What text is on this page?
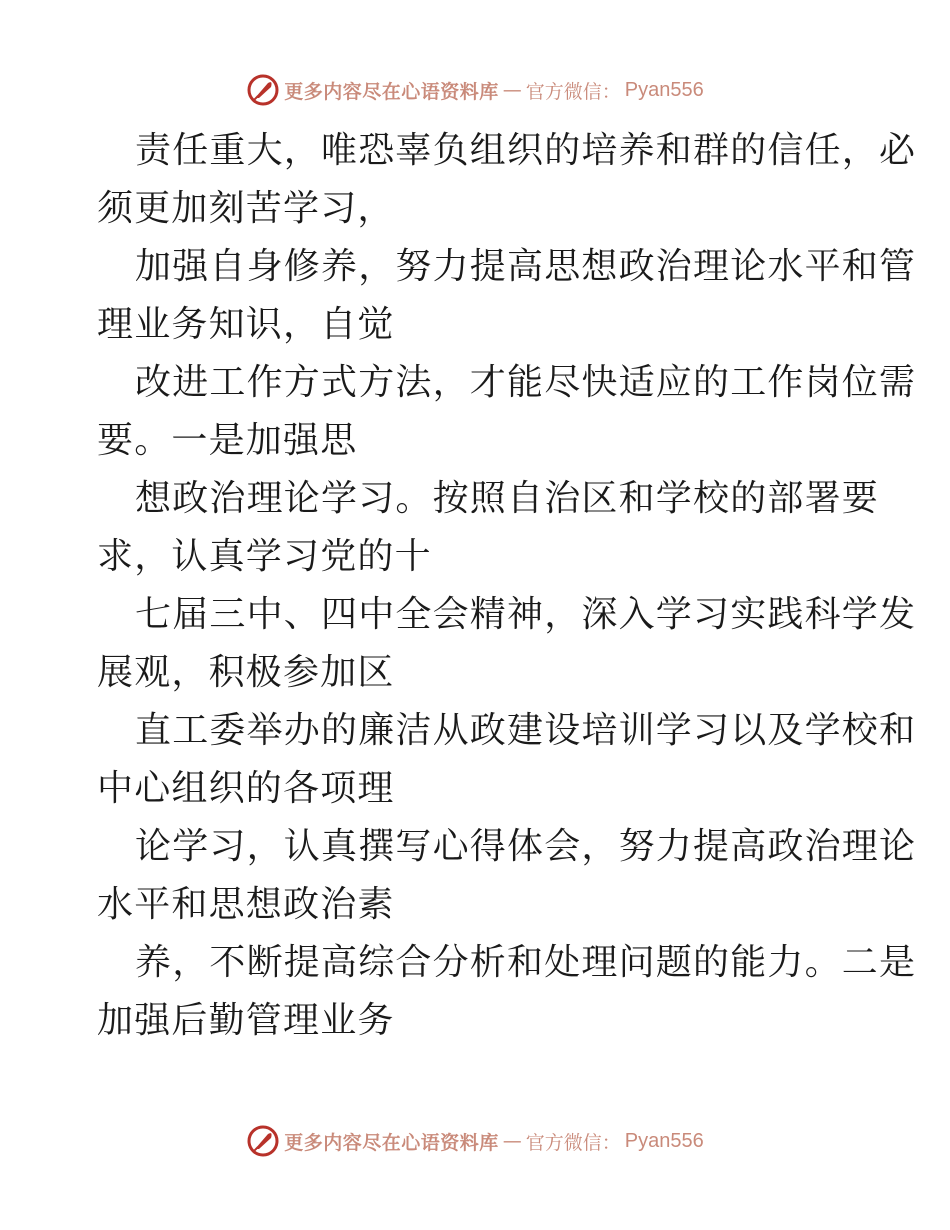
更多内容尽在心语资料库 — 官方微信： Pyan556
责任重大，唯恐辜负组织的培养和群的信任，必
须更加刻苦学习，
加强自身修养，努力提高思想政治理论水平和管
理业务知识，自觉
改进工作方式方法，才能尽快适应的工作岗位需
要。一是加强思
想政治理论学习。按照自治区和学校的部署要
求，认真学习党的十
七届三中、四中全会精神，深入学习实践科学发
展观，积极参加区
直工委举办的廉洁从政建设培训学习以及学校和
中心组织的各项理
论学习，认真撰写心得体会，努力提高政治理论
水平和思想政治素
养，不断提高综合分析和处理问题的能力。二是
加强后勤管理业务
更多内容尽在心语资料库 — 官方微信： Pyan556
